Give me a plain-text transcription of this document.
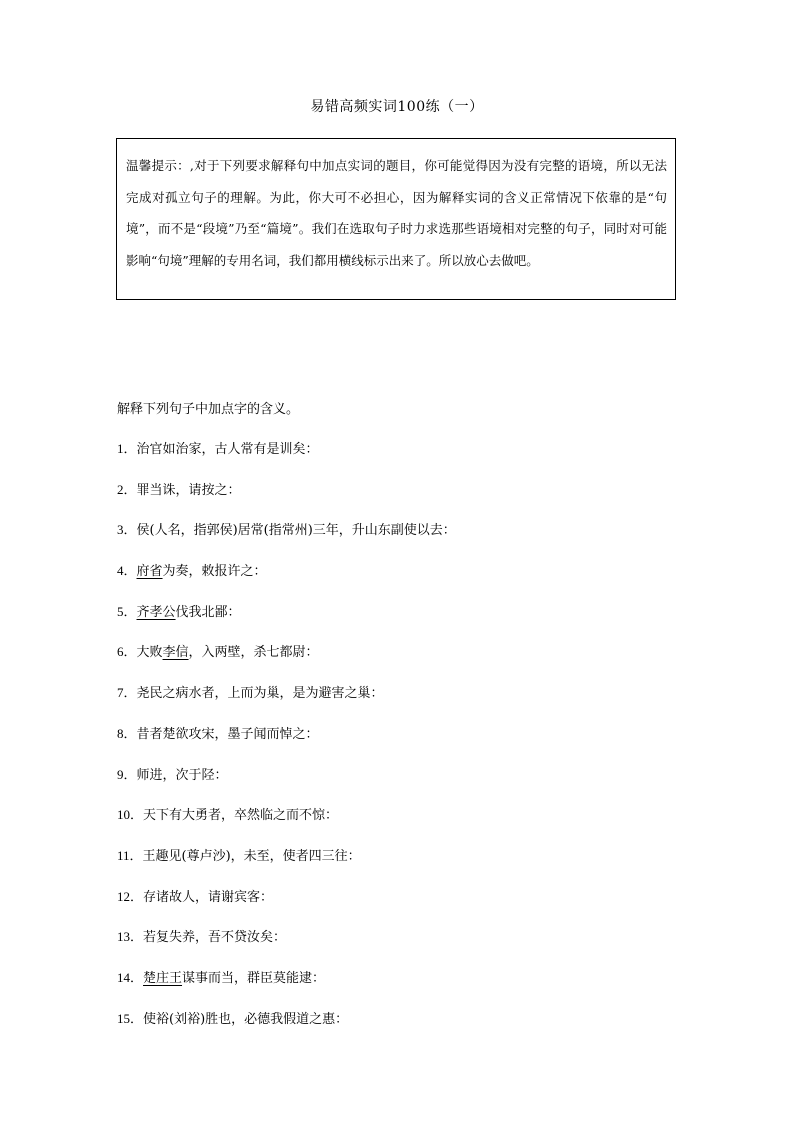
易错高频实词100练（一）
温馨提示：,对于下列要求解释句中加点实词的题目，你可能觉得因为没有完整的语境，所以无法完成对孤立句子的理解。为此，你大可不必担心，因为解释实词的含义正常情况下依靠的是“句境”，而不是“段境”乃至“篇境”。我们在选取句子时力求选那些语境相对完整的句子，同时对可能影响“句境”理解的专用名词，我们都用横线标示出来了。所以放心去做吧。
解释下列句子中加点字的含义。
1．治官如治家，古人常有是训矣：
2．罪当诛，请按之：
3．侯(人名，指郭侯)居常(指常州)三年，升山东副使以去：
4．府省为奏，敕报许之：
5．齐孝公伐我北鄙：
6．大败李信，入两壁，杀七都尉：
7．尧民之病水者，上而为巢，是为避害之巢：
8．昔者楚欲攻宋，墨子闻而悼之：
9．师进，次于陉：
10．天下有大勇者，卒然临之而不惊：
11．王趣见(尊卢沙)，未至，使者四三往：
12．存诸故人，请谢宾客：
13．若复失养，吾不贷汝矣：
14．楚庄王谋事而当，群臣莫能逮：
15．使裕(刘裕)胜也，必德我假道之惠：
